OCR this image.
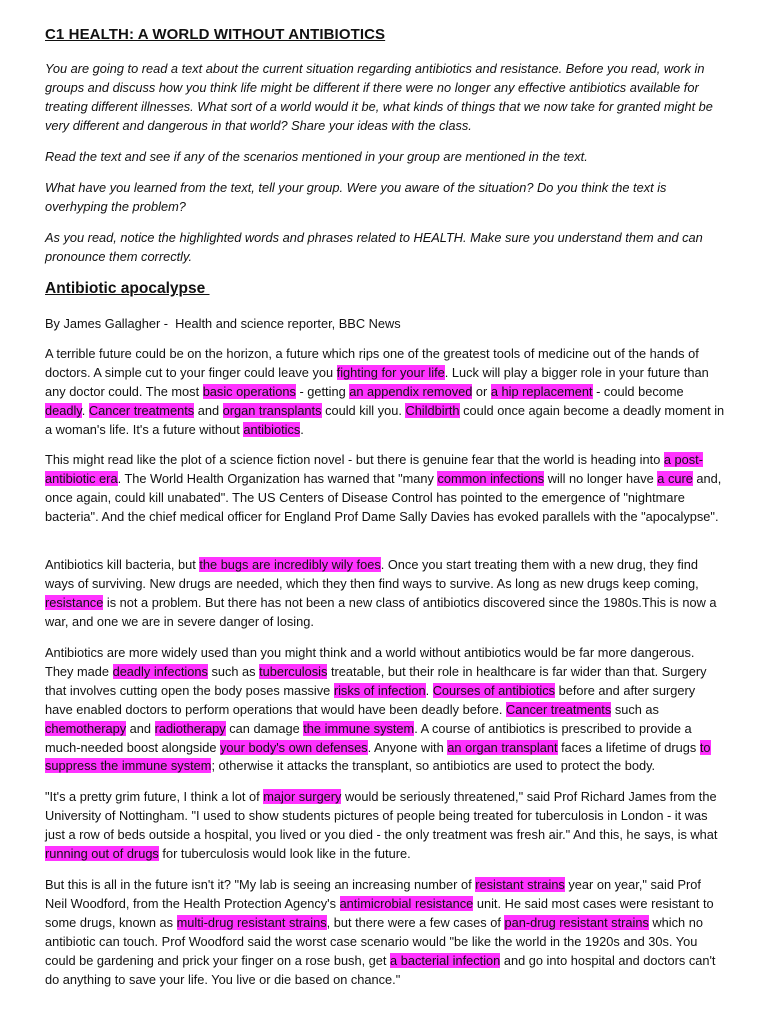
C1 HEALTH: A WORLD WITHOUT ANTIBIOTICS

You are going to read a text about the current situation regarding antibiotics and resistance. Before you read, work in groups and discuss how you think life might be different if there were no longer any effective antibiotics available for treating different illnesses. What sort of a world would it be, what kinds of things that we now take for granted might be very different and dangerous in that world? Share your ideas with the class.

Read the text and see if any of the scenarios mentioned in your group are mentioned in the text.

What have you learned from the text, tell your group. Were you aware of the situation? Do you think the text is overhyping the problem?

As you read, notice the highlighted words and phrases related to HEALTH. Make sure you understand them and can pronounce them correctly.

Antibiotic apocalypse

By James Gallagher -  Health and science reporter, BBC News

A terrible future could be on the horizon, a future which rips one of the greatest tools of medicine out of the hands of doctors. A simple cut to your finger could leave you fighting for your life. Luck will play a bigger role in your future than any doctor could. The most basic operations - getting an appendix removed or a hip replacement - could become deadly. Cancer treatments and organ transplants could kill you. Childbirth could once again become a deadly moment in a woman's life. It's a future without antibiotics.

This might read like the plot of a science fiction novel - but there is genuine fear that the world is heading into a post-antibiotic era. The World Health Organization has warned that "many common infections will no longer have a cure and, once again, could kill unabated". The US Centers of Disease Control has pointed to the emergence of "nightmare bacteria". And the chief medical officer for England Prof Dame Sally Davies has evoked parallels with the "apocalypse".

Antibiotics kill bacteria, but the bugs are incredibly wily foes. Once you start treating them with a new drug, they find ways of surviving. New drugs are needed, which they then find ways to survive. As long as new drugs keep coming, resistance is not a problem. But there has not been a new class of antibiotics discovered since the 1980s.This is now a war, and one we are in severe danger of losing.

Antibiotics are more widely used than you might think and a world without antibiotics would be far more dangerous. They made deadly infections such as tuberculosis treatable, but their role in healthcare is far wider than that. Surgery that involves cutting open the body poses massive risks of infection. Courses of antibiotics before and after surgery have enabled doctors to perform operations that would have been deadly before. Cancer treatments such as chemotherapy and radiotherapy can damage the immune system. A course of antibiotics is prescribed to provide a much-needed boost alongside your body's own defenses. Anyone with an organ transplant faces a lifetime of drugs to suppress the immune system; otherwise it attacks the transplant, so antibiotics are used to protect the body.

"It's a pretty grim future, I think a lot of major surgery would be seriously threatened," said Prof Richard James from the University of Nottingham. "I used to show students pictures of people being treated for tuberculosis in London - it was just a row of beds outside a hospital, you lived or you died - the only treatment was fresh air." And this, he says, is what running out of drugs for tuberculosis would look like in the future.

But this is all in the future isn't it? "My lab is seeing an increasing number of resistant strains year on year," said Prof Neil Woodford, from the Health Protection Agency's antimicrobial resistance unit. He said most cases were resistant to some drugs, known as multi-drug resistant strains, but there were a few cases of pan-drug resistant strains which no antibiotic can touch. Prof Woodford said the worst case scenario would "be like the world in the 1920s and 30s. You could be gardening and prick your finger on a rose bush, get a bacterial infection and go into hospital and doctors can't do anything to save your life. You live or die based on chance."
